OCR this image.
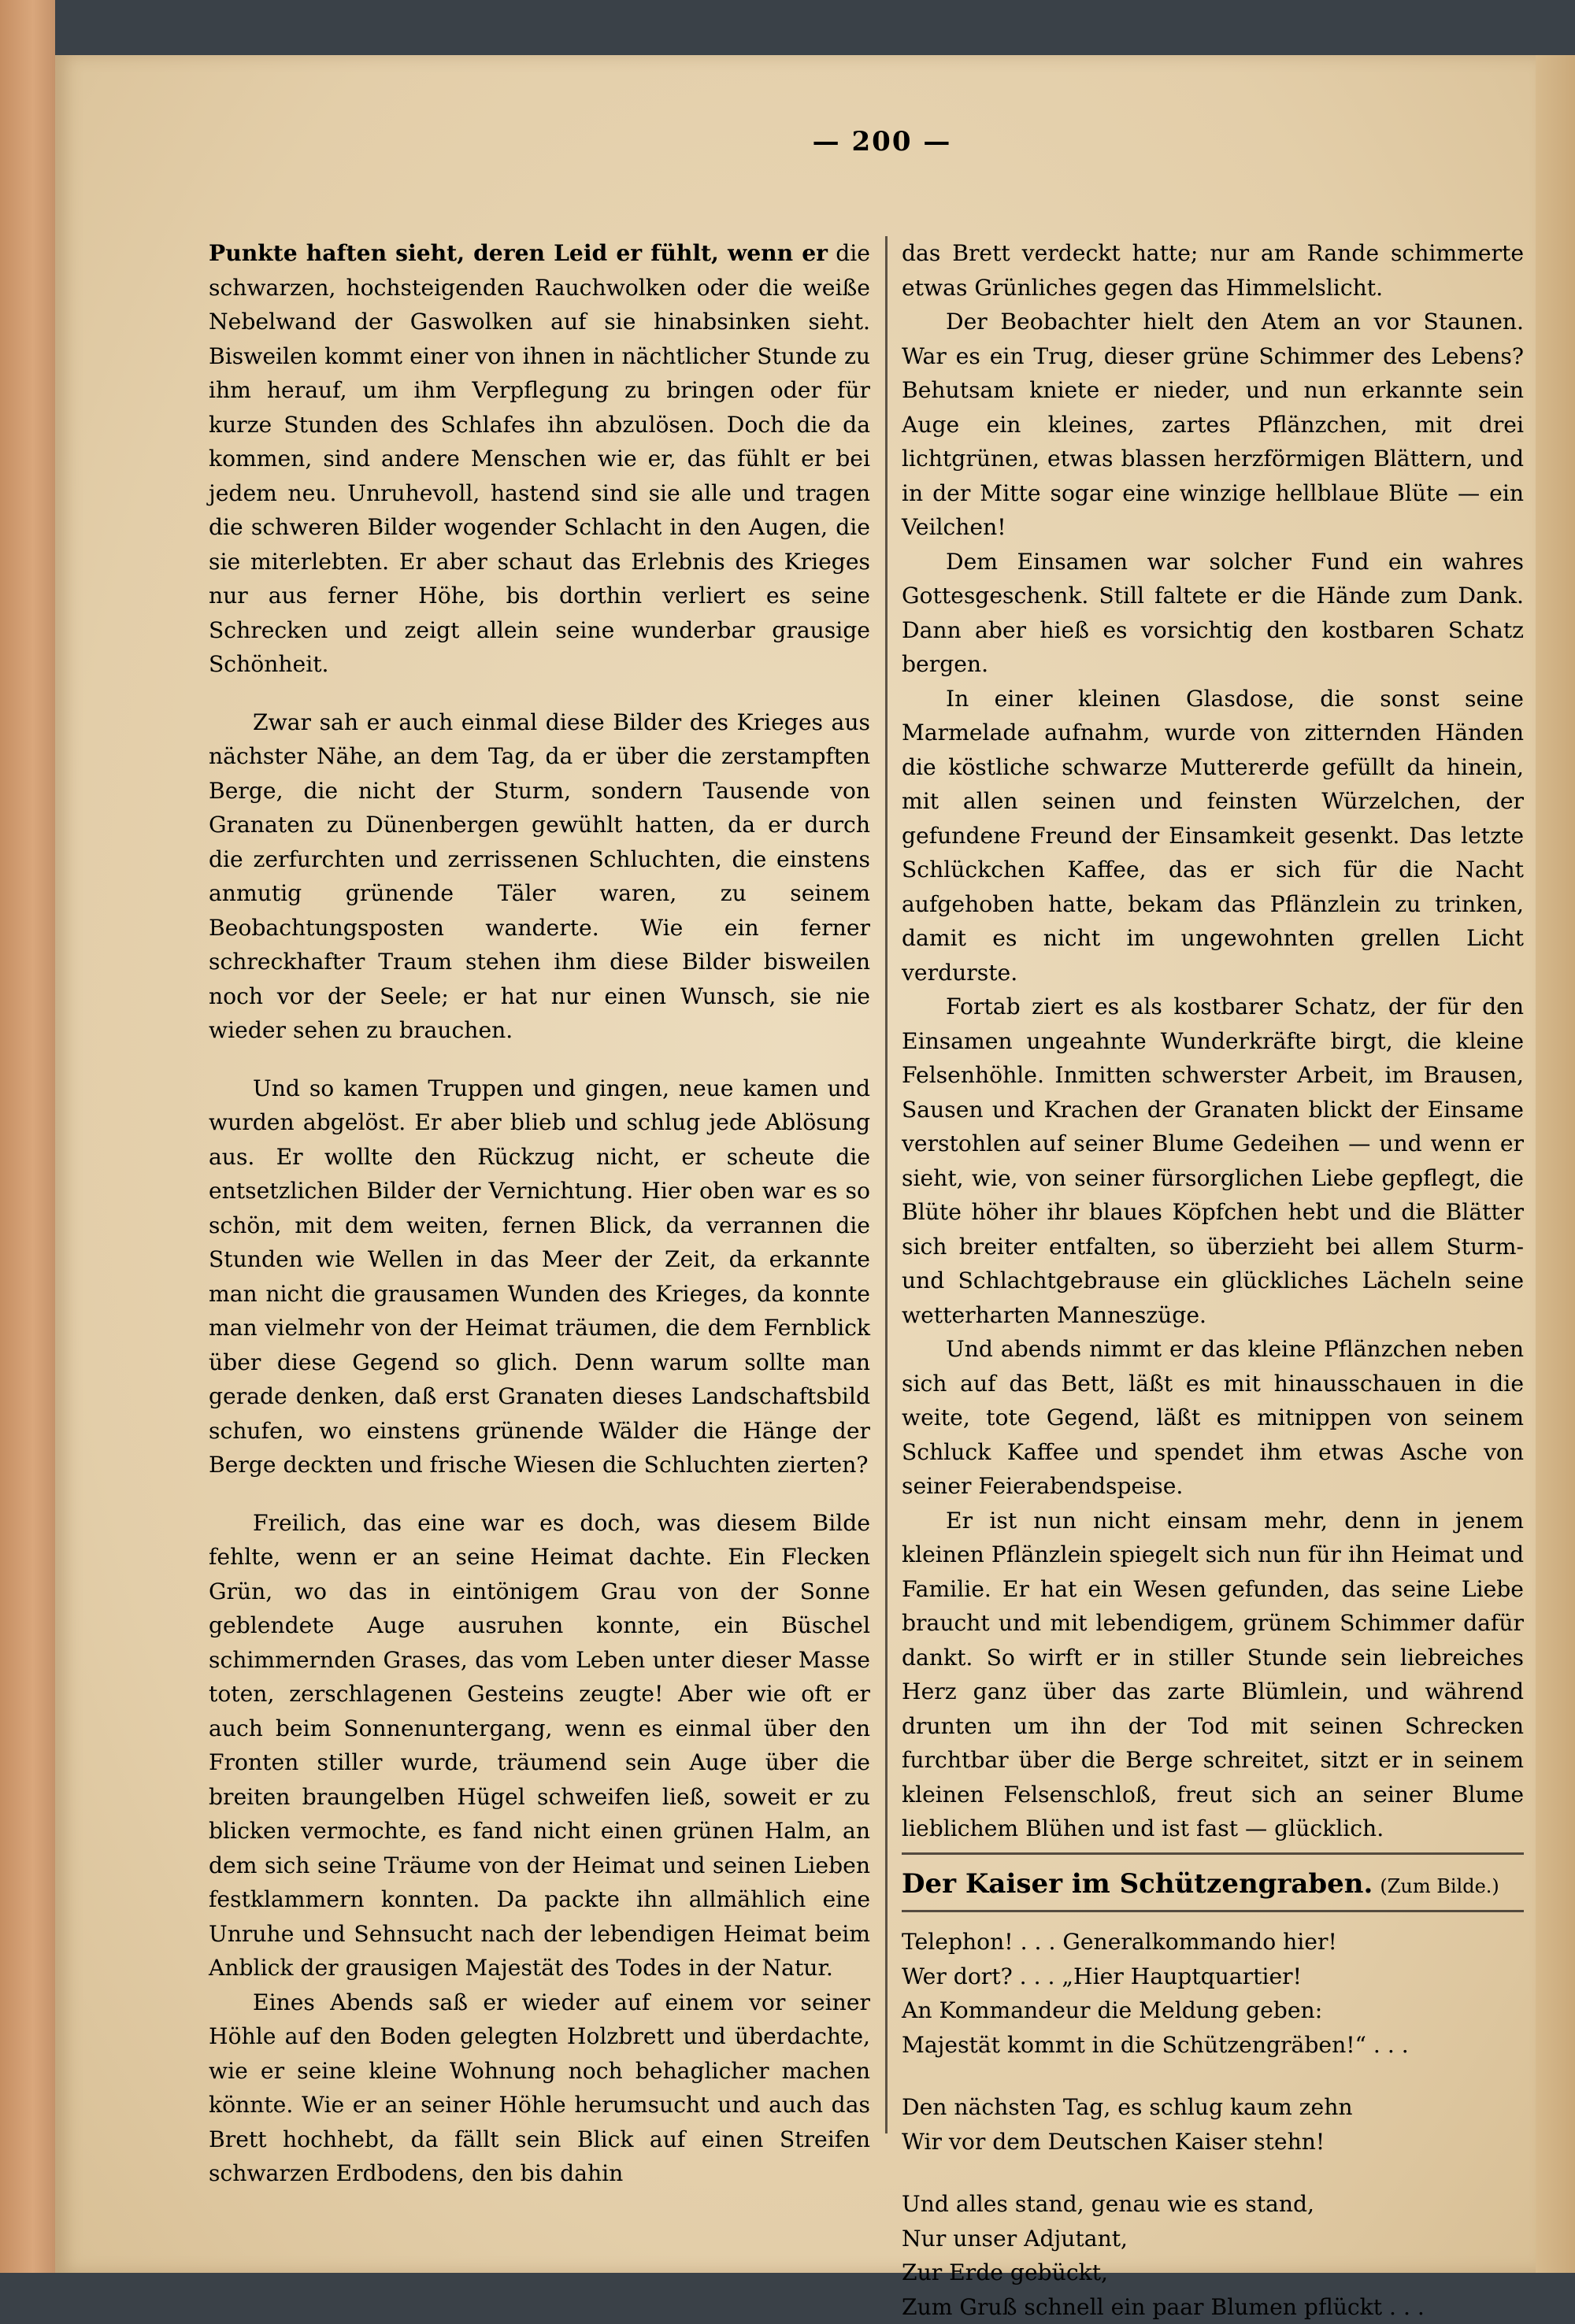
— 200 —

Punkte haften sieht, deren Leid er fühlt, wenn er die schwarzen, hochsteigenden Rauchwolken oder die weiße Nebelwand der Gaswolken auf sie hinabsinken sieht. Bisweilen kommt einer von ihnen in nächtlicher Stunde zu ihm herauf, um ihm Verpflegung zu bringen oder für kurze Stunden des Schlafes ihn abzulösen. Doch die da kommen, sind andere Menschen wie er, das fühlt er bei jedem neu. Unruhevoll, hastend sind sie alle und tragen die schweren Bilder wogender Schlacht in den Augen, die sie miterlebten. Er aber schaut das Erlebnis des Krieges nur aus ferner Höhe, bis dorthin verliert es seine Schrecken und zeigt allein seine wunderbar grausige Schönheit.

Zwar sah er auch einmal diese Bilder des Krieges aus nächster Nähe, an dem Tag, da er über die zerstampften Berge, die nicht der Sturm, sondern Tausende von Granaten zu Dünenbergen gewühlt hatten, da er durch die zerfurchten und zerrissenen Schluchten, die einstens anmutig grünende Täler waren, zu seinem Beobachtungsposten wanderte. Wie ein ferner schreckhafter Traum stehen ihm diese Bilder bisweilen noch vor der Seele; er hat nur einen Wunsch, sie nie wieder sehen zu brauchen.

Und so kamen Truppen und gingen, neue kamen und wurden abgelöst. Er aber blieb und schlug jede Ablösung aus. Er wollte den Rückzug nicht, er scheute die entsetzlichen Bilder der Vernichtung. Hier oben war es so schön, mit dem weiten, fernen Blick, da verrannen die Stunden wie Wellen in das Meer der Zeit, da erkannte man nicht die grausamen Wunden des Krieges, da konnte man vielmehr von der Heimat träumen, die dem Fernblick über diese Gegend so glich. Denn warum sollte man gerade denken, daß erst Granaten dieses Landschaftsbild schufen, wo einstens grünende Wälder die Hänge der Berge deckten und frische Wiesen die Schluchten zierten?

Freilich, das eine war es doch, was diesem Bilde fehlte, wenn er an seine Heimat dachte. Ein Flecken Grün, wo das in eintönigem Grau von der Sonne geblendete Auge ausruhen konnte, ein Büschel schimmernden Grases, das vom Leben unter dieser Masse toten, zerschlagenen Gesteins zeugte! Aber wie oft er auch beim Sonnenuntergang, wenn es einmal über den Fronten stiller wurde, träumend sein Auge über die breiten braungelben Hügel schweifen ließ, soweit er zu blicken vermochte, es fand nicht einen grünen Halm, an dem sich seine Träume von der Heimat und seinen Lieben festklammern konnten. Da packte ihn allmählich eine Unruhe und Sehnsucht nach der lebendigen Heimat beim Anblick der grausigen Majestät des Todes in der Natur.

Eines Abends saß er wieder auf einem vor seiner Höhle auf den Boden gelegten Holzbrett und überdachte, wie er seine kleine Wohnung noch behaglicher machen könnte. Wie er an seiner Höhle herumsucht und auch das Brett hochhebt, da fällt sein Blick auf einen Streifen schwarzen Erdbodens, den bis dahin

das Brett verdeckt hatte; nur am Rande schimmerte etwas Grünliches gegen das Himmelslicht.

Der Beobachter hielt den Atem an vor Staunen. War es ein Trug, dieser grüne Schimmer des Lebens? Behutsam kniete er nieder, und nun erkannte sein Auge ein kleines, zartes Pflänzchen, mit drei lichtgrünen, etwas blassen herzförmigen Blättern, und in der Mitte sogar eine winzige hellblaue Blüte — ein Veilchen!

Dem Einsamen war solcher Fund ein wahres Gottesgeschenk. Still faltete er die Hände zum Dank. Dann aber hieß es vorsichtig den kostbaren Schatz bergen.

In einer kleinen Glasdose, die sonst seine Marmelade aufnahm, wurde von zitternden Händen die köstliche schwarze Muttererde gefüllt da hinein, mit allen seinen und feinsten Würzelchen, der gefundene Freund der Einsamkeit gesenkt. Das letzte Schlückchen Kaffee, das er sich für die Nacht aufgehoben hatte, bekam das Pflänzlein zu trinken, damit es nicht im ungewohnten grellen Licht verdurste.

Fortab ziert es als kostbarer Schatz, der für den Einsamen ungeahnte Wunderkräfte birgt, die kleine Felsenhöhle. Inmitten schwerster Arbeit, im Brausen, Sausen und Krachen der Granaten blickt der Einsame verstohlen auf seiner Blume Gedeihen — und wenn er sieht, wie, von seiner fürsorglichen Liebe gepflegt, die Blüte höher ihr blaues Köpfchen hebt und die Blätter sich breiter entfalten, so überzieht bei allem Sturm- und Schlachtgebrause ein glückliches Lächeln seine wetterharten Manneszüge.

Und abends nimmt er das kleine Pflänzchen neben sich auf das Bett, läßt es mit hinausschauen in die weite, tote Gegend, läßt es mitnippen von seinem Schluck Kaffee und spendet ihm etwas Asche von seiner Feierabendspeise.

Er ist nun nicht einsam mehr, denn in jenem kleinen Pflänzlein spiegelt sich nun für ihn Heimat und Familie. Er hat ein Wesen gefunden, das seine Liebe braucht und mit lebendigem, grünem Schimmer dafür dankt. So wirft er in stiller Stunde sein liebreiches Herz ganz über das zarte Blümlein, und während drunten um ihn der Tod mit seinen Schrecken furchtbar über die Berge schreitet, sitzt er in seinem kleinen Felsenschloß, freut sich an seiner Blume lieblichem Blühen und ist fast — glücklich.

Der Kaiser im Schützengraben. (Zum Bilde.)

Telephon! . . . Generalkommando hier!

Wer dort? . . . „Hier Hauptquartier!

An Kommandeur die Meldung geben:

Majestät kommt in die Schützengräben!“ . . .

Den nächsten Tag, es schlug kaum zehn

Wir vor dem Deutschen Kaiser stehn!

Und alles stand, genau wie es stand,

Nur unser Adjutant,

Zur Erde gebückt,

Zum Gruß schnell ein paar Blumen pflückt . . .
